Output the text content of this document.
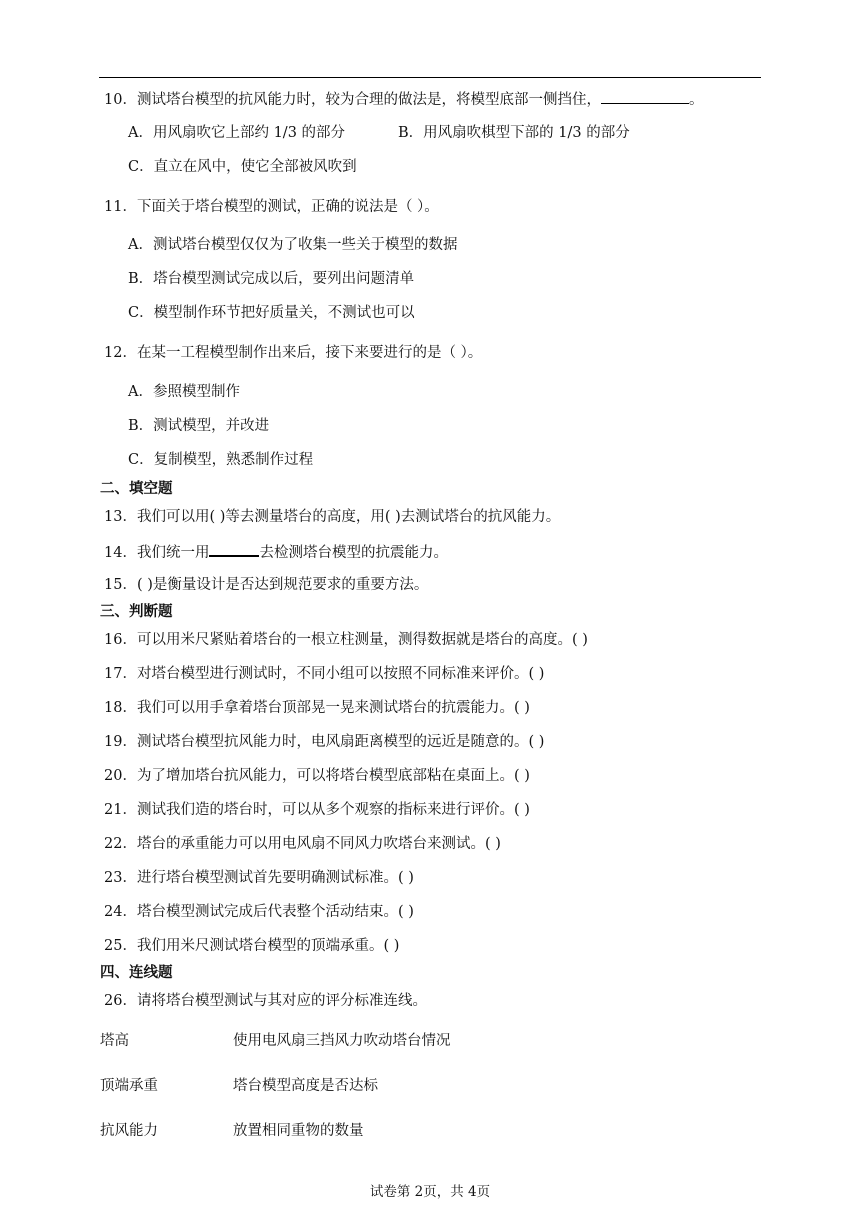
10．测试塔台模型的抗风能力时，较为合理的做法是，将模型底部一侧挡住，	。
A．用风扇吹它上部约 1/3 的部分	B．用风扇吹棋型下部的 1/3 的部分
C．直立在风中，使它全部被风吹到
11．下面关于塔台模型的测试，正确的说法是（ ）。
A．测试塔台模型仅仅为了收集一些关于模型的数据
B．塔台模型测试完成以后，要列出问题清单
C．模型制作环节把好质量关，不测试也可以
12．在某一工程模型制作出来后，接下来要进行的是（ ）。
A．参照模型制作
B．测试模型，并改进
C．复制模型，熟悉制作过程
二、填空题
13．我们可以用( )等去测量塔台的高度，用( )去测试塔台的抗风能力。
14．我们统一用	去检测塔台模型的抗震能力。
15．( )是衡量设计是否达到规范要求的重要方法。
三、判断题
16．可以用米尺紧贴着塔台的一根立柱测量，测得数据就是塔台的高度。( )
17．对塔台模型进行测试时，不同小组可以按照不同标准来评价。( )
18．我们可以用手拿着塔台顶部晃一晃来测试塔台的抗震能力。( )
19．测试塔台模型抗风能力时，电风扇距离模型的远近是随意的。( )
20．为了增加塔台抗风能力，可以将塔台模型底部粘在桌面上。( )
21．测试我们造的塔台时，可以从多个观察的指标来进行评价。( )
22．塔台的承重能力可以用电风扇不同风力吹塔台来测试。( )
23．进行塔台模型测试首先要明确测试标准。( )
24．塔台模型测试完成后代表整个活动结束。( )
25．我们用米尺测试塔台模型的顶端承重。( )
四、连线题
26．请将塔台模型测试与其对应的评分标准连线。
塔高	使用电风扇三挡风力吹动塔台情况
顶端承重	塔台模型高度是否达标
抗风能力	放置相同重物的数量
试卷第 2页，共 4页
